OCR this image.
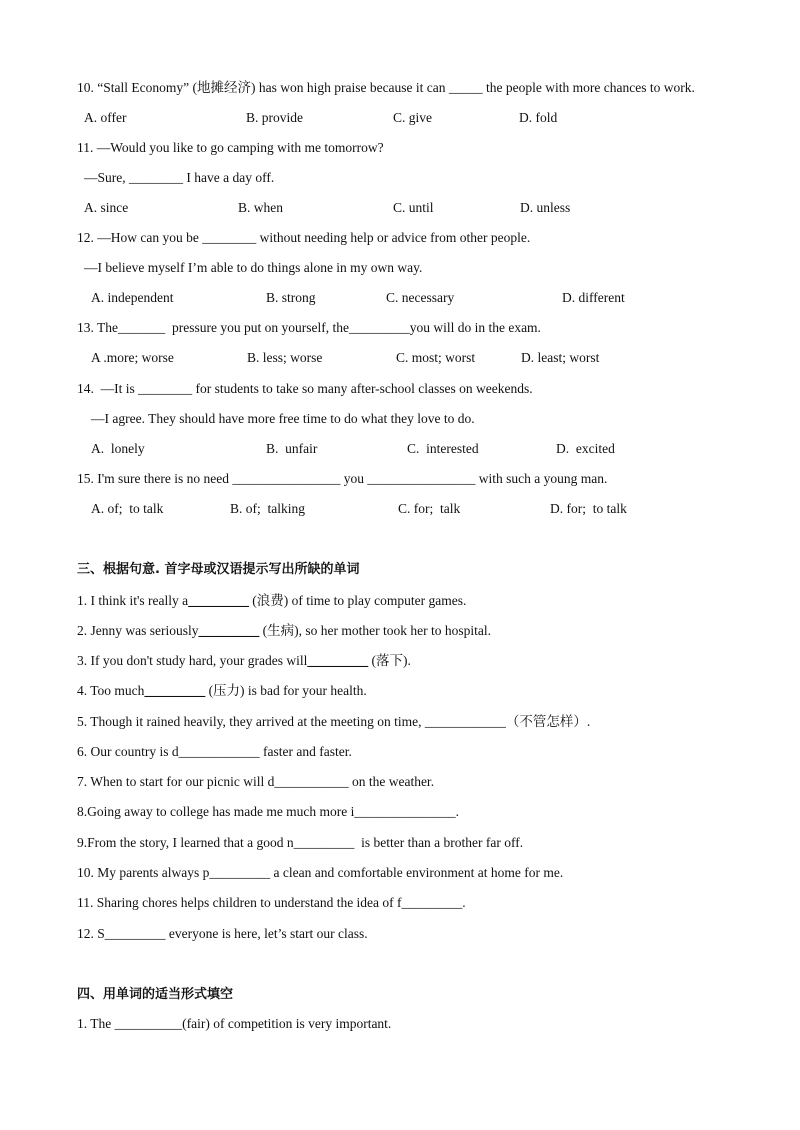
10. “Stall Economy” (地摊经济) has won high praise because it can _____ the people with more chances to work.
A. offer	B. provide	C. give	D. fold
11. —Would you like to go camping with me tomorrow?
—Sure, ________ I have a day off.
A. since	B. when	C. until	D. unless
12. —How can you be ________ without needing help or advice from other people.
—I believe myself I’m able to do things alone in my own way.
A. independent	B. strong	C. necessary	D. different
13. The_______  pressure you put on yourself, the_________you will do in the exam.
A .more; worse	B. less; worse	C. most; worst	D. least; worst
14.  —It is ________ for students to take so many after-school classes on weekends.
—I agree. They should have more free time to do what they love to do.
A.  lonely	B.  unfair	C.  interested	D.  excited
15. I'm sure there is no need ________________ you ________________ with such a young man.
A. of;  to talk	B. of;  talking	C. for;  talk	D. for;  to talk
三、根据句意. 首字母或汉语提示写出所缺的单词
1. I think it's really a_________ (浪费) of time to play computer games.
2. Jenny was seriously_________ (生病), so her mother took her to hospital.
3. If you don't study hard, your grades will_________ (落下).
4. Too much_________ (压力) is bad for your health.
5. Though it rained heavily, they arrived at the meeting on time, ____________（不管怎样）.
6. Our country is d____________ faster and faster.
7. When to start for our picnic will d___________ on the weather.
8.Going away to college has made me much more i_______________.
9.From the story, I learned that a good n_________  is better than a brother far off.
10. My parents always p_________ a clean and comfortable environment at home for me.
11. Sharing chores helps children to understand the idea of f_________.
12. S_________ everyone is here, let’s start our class.
四、用单词的适当形式填空
1. The __________(fair) of competition is very important.
